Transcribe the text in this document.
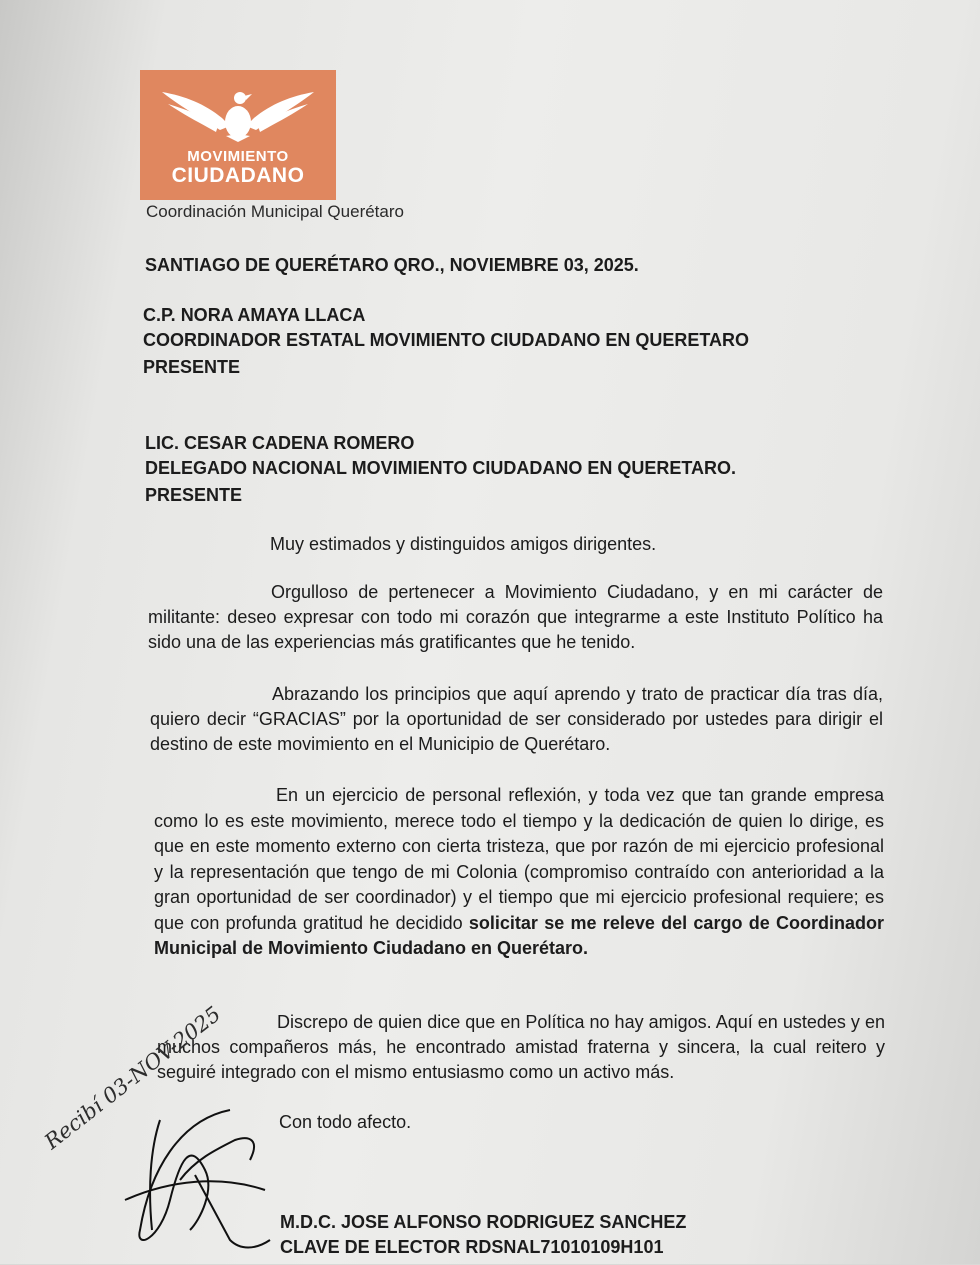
MOVIMIENTO
CIUDADANO
Coordinación Municipal Querétaro
SANTIAGO DE QUERÉTARO QRO., NOVIEMBRE 03, 2025.
C.P. NORA AMAYA LLACA
COORDINADOR ESTATAL MOVIMIENTO CIUDADANO EN QUERETARO
PRESENTE
LIC. CESAR CADENA ROMERO
DELEGADO NACIONAL MOVIMIENTO CIUDADANO EN QUERETARO.
PRESENTE
Muy estimados y distinguidos amigos dirigentes.
Orgulloso de pertenecer a Movimiento Ciudadano, y en mi carácter de militante: deseo expresar con todo mi corazón que integrarme a este Instituto Político ha sido una de las experiencias más gratificantes que he tenido.
Abrazando los principios que aquí aprendo y trato de practicar día tras día, quiero decir “GRACIAS” por la oportunidad de ser considerado por ustedes para dirigir el destino de este movimiento en el Municipio de Querétaro.
En un ejercicio de personal reflexión, y toda vez que tan grande empresa como lo es este movimiento, merece todo el tiempo y la dedicación de quien lo dirige, es que en este momento externo con cierta tristeza, que por razón de mi ejercicio profesional y la representación que tengo de mi Colonia (compromiso contraído con anterioridad a la gran oportunidad de ser coordinador) y el tiempo que mi ejercicio profesional requiere; es que con profunda gratitud he decidido solicitar se me releve del cargo de Coordinador Municipal de Movimiento Ciudadano en Querétaro.
Discrepo de quien dice que en Política no hay amigos. Aquí en ustedes y en muchos compañeros más, he encontrado amistad fraterna y sincera, la cual reitero y seguiré integrado con el mismo entusiasmo como un activo más.
Con todo afecto.
Recibí 03-NOV-2025
M.D.C. JOSE ALFONSO RODRIGUEZ SANCHEZ
CLAVE DE ELECTOR RDSNAL71010109H101
